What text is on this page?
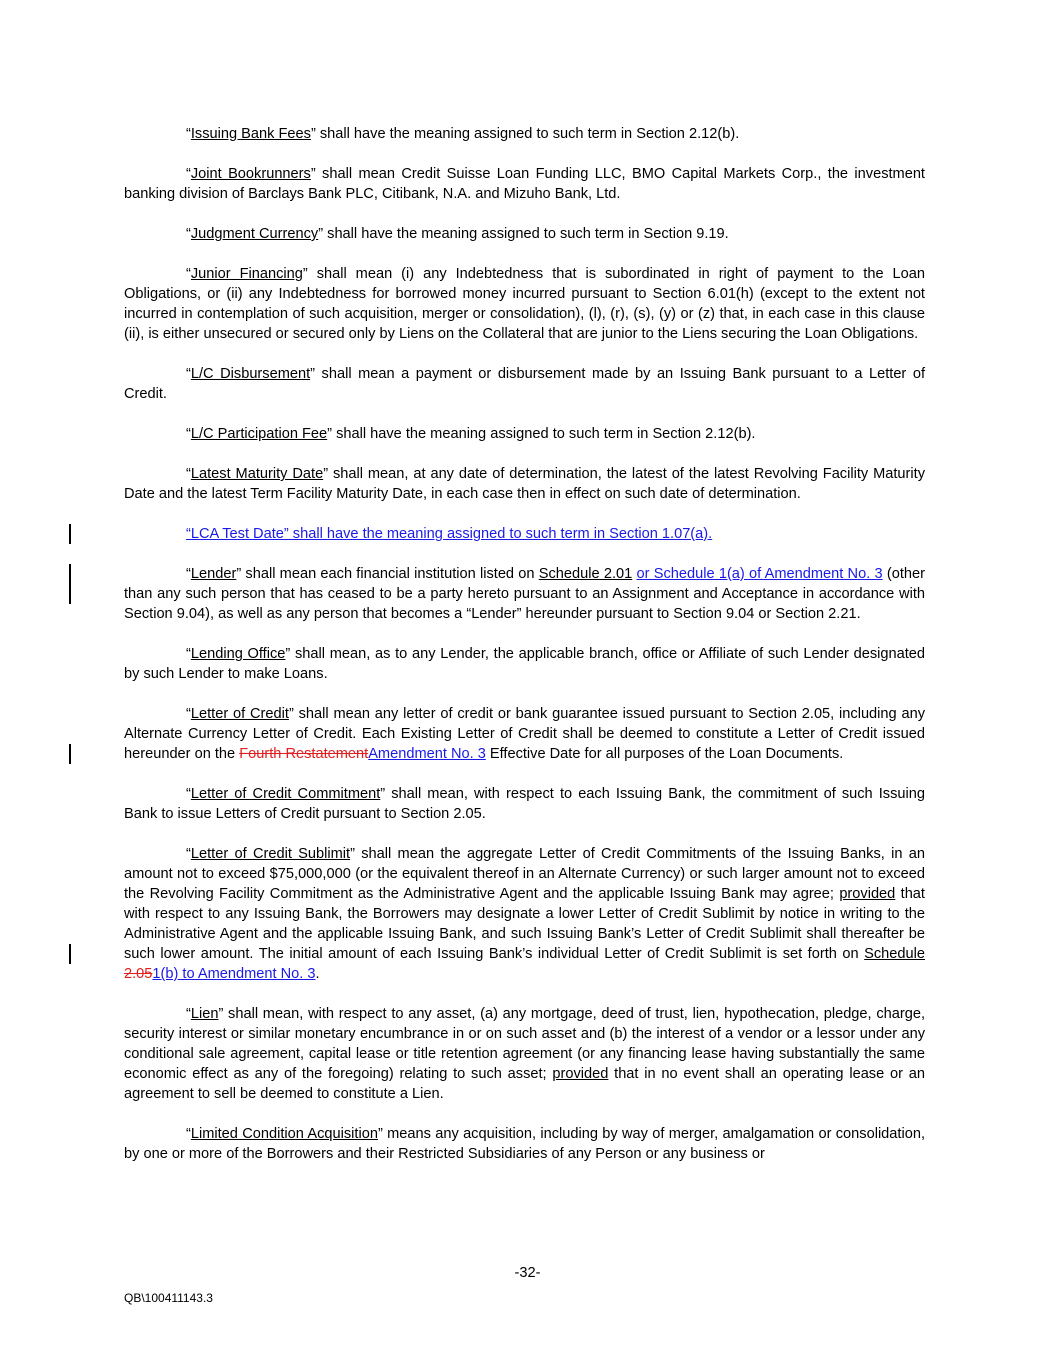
“Issuing Bank Fees” shall have the meaning assigned to such term in Section 2.12(b).

“Joint Bookrunners” shall mean Credit Suisse Loan Funding LLC, BMO Capital Markets Corp., the investment banking division of Barclays Bank PLC, Citibank, N.A. and Mizuho Bank, Ltd.

“Judgment Currency” shall have the meaning assigned to such term in Section 9.19.

“Junior Financing” shall mean (i) any Indebtedness that is subordinated in right of payment to the Loan Obligations, or (ii) any Indebtedness for borrowed money incurred pursuant to Section 6.01(h) (except to the extent not incurred in contemplation of such acquisition, merger or consolidation), (l), (r), (s), (y) or (z) that, in each case in this clause (ii), is either unsecured or secured only by Liens on the Collateral that are junior to the Liens securing the Loan Obligations.

“L/C Disbursement” shall mean a payment or disbursement made by an Issuing Bank pursuant to a Letter of Credit.

“L/C Participation Fee” shall have the meaning assigned to such term in Section 2.12(b).

“Latest Maturity Date” shall mean, at any date of determination, the latest of the latest Revolving Facility Maturity Date and the latest Term Facility Maturity Date, in each case then in effect on such date of determination.

“LCA Test Date” shall have the meaning assigned to such term in Section 1.07(a).

“Lender” shall mean each financial institution listed on Schedule 2.01 or Schedule 1(a) of Amendment No. 3 (other than any such person that has ceased to be a party hereto pursuant to an Assignment and Acceptance in accordance with Section 9.04), as well as any person that becomes a “Lender” hereunder pursuant to Section 9.04 or Section 2.21.

“Lending Office” shall mean, as to any Lender, the applicable branch, office or Affiliate of such Lender designated by such Lender to make Loans.

“Letter of Credit” shall mean any letter of credit or bank guarantee issued pursuant to Section 2.05, including any Alternate Currency Letter of Credit. Each Existing Letter of Credit shall be deemed to constitute a Letter of Credit issued hereunder on the Fourth RestatementAmendment No. 3 Effective Date for all purposes of the Loan Documents.

“Letter of Credit Commitment” shall mean, with respect to each Issuing Bank, the commitment of such Issuing Bank to issue Letters of Credit pursuant to Section 2.05.

“Letter of Credit Sublimit” shall mean the aggregate Letter of Credit Commitments of the Issuing Banks, in an amount not to exceed $75,000,000 (or the equivalent thereof in an Alternate Currency) or such larger amount not to exceed the Revolving Facility Commitment as the Administrative Agent and the applicable Issuing Bank may agree; provided that with respect to any Issuing Bank, the Borrowers may designate a lower Letter of Credit Sublimit by notice in writing to the Administrative Agent and the applicable Issuing Bank, and such Issuing Bank’s Letter of Credit Sublimit shall thereafter be such lower amount. The initial amount of each Issuing Bank’s individual Letter of Credit Sublimit is set forth on Schedule 2.051(b) to Amendment No. 3.

“Lien” shall mean, with respect to any asset, (a) any mortgage, deed of trust, lien, hypothecation, pledge, charge, security interest or similar monetary encumbrance in or on such asset and (b) the interest of a vendor or a lessor under any conditional sale agreement, capital lease or title retention agreement (or any financing lease having substantially the same economic effect as any of the foregoing) relating to such asset; provided that in no event shall an operating lease or an agreement to sell be deemed to constitute a Lien.

“Limited Condition Acquisition” means any acquisition, including by way of merger, amalgamation or consolidation, by one or more of the Borrowers and their Restricted Subsidiaries of any Person or any business or

-32-
QB\100411143.3
